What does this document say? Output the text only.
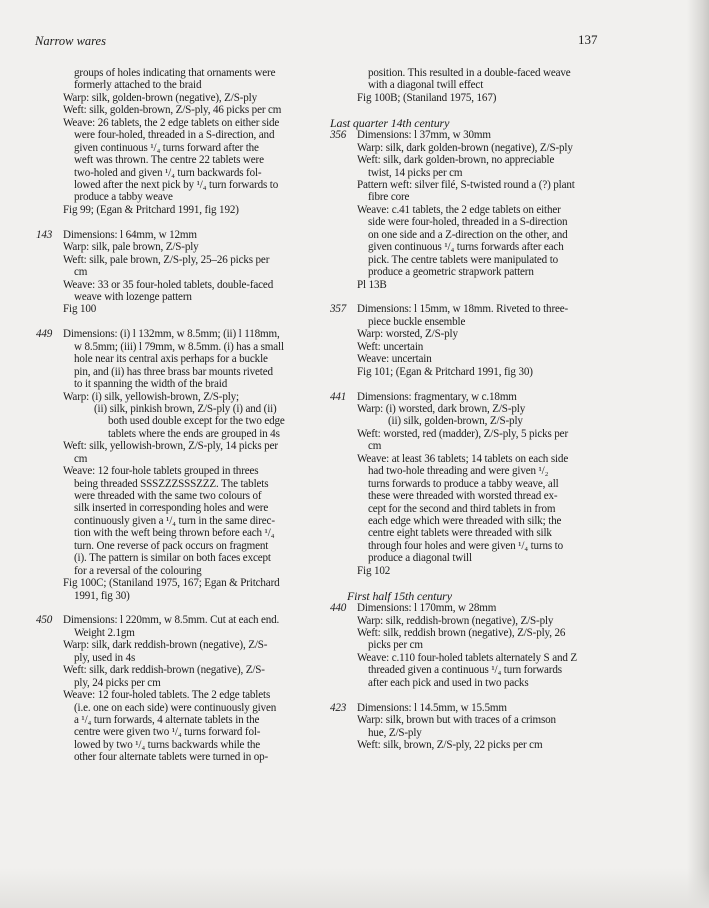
Narrow wares	137
groups of holes indicating that ornaments were
formerly attached to the braid
Warp: silk, golden-brown (negative), Z/S-ply
Weft: silk, golden-brown, Z/S-ply, 46 picks per cm
Weave: 26 tablets, the 2 edge tablets on either side
were four-holed, threaded in a S-direction, and
given continuous ¹/₄ turns forward after the
weft was thrown. The centre 22 tablets were
two-holed and given ¹/₄ turn backwards fol-
lowed after the next pick by ¹/₄ turn forwards to
produce a tabby weave
Fig 99; (Egan & Pritchard 1991, fig 192)
143 Dimensions: l 64mm, w 12mm
Warp: silk, pale brown, Z/S-ply
Weft: silk, pale brown, Z/S-ply, 25–26 picks per
cm
Weave: 33 or 35 four-holed tablets, double-faced
weave with lozenge pattern
Fig 100
449 Dimensions: (i) l 132mm, w 8.5mm; (ii) l 118mm,
w 8.5mm; (iii) l 79mm, w 8.5mm. (i) has a small
hole near its central axis perhaps for a buckle
pin, and (ii) has three brass bar mounts riveted
to it spanning the width of the braid
Warp: (i) silk, yellowish-brown, Z/S-ply;
(ii) silk, pinkish brown, Z/S-ply (i) and (ii)
both used double except for the two edge
tablets where the ends are grouped in 4s
Weft: silk, yellowish-brown, Z/S-ply, 14 picks per
cm
Weave: 12 four-hole tablets grouped in threes
being threaded SSSZZZSSSZZZ. The tablets
were threaded with the same two colours of
silk inserted in corresponding holes and were
continuously given a ¹/₄ turn in the same direc-
tion with the weft being thrown before each ¹/₄
turn. One reverse of pack occurs on fragment
(i). The pattern is similar on both faces except
for a reversal of the colouring
Fig 100C; (Staniland 1975, 167; Egan & Pritchard
1991, fig 30)
450 Dimensions: l 220mm, w 8.5mm. Cut at each end.
Weight 2.1gm
Warp: silk, dark reddish-brown (negative), Z/S-
ply, used in 4s
Weft: silk, dark reddish-brown (negative), Z/S-
ply, 24 picks per cm
Weave: 12 four-holed tablets. The 2 edge tablets
(i.e. one on each side) were continuously given
a ¹/₄ turn forwards, 4 alternate tablets in the
centre were given two ¹/₄ turns forward fol-
lowed by two ¹/₄ turns backwards while the
other four alternate tablets were turned in op-
position. This resulted in a double-faced weave
with a diagonal twill effect
Fig 100B; (Staniland 1975, 167)
Last quarter 14th century
356 Dimensions: l 37mm, w 30mm
Warp: silk, dark golden-brown (negative), Z/S-ply
Weft: silk, dark golden-brown, no appreciable
twist, 14 picks per cm
Pattern weft: silver filé, S-twisted round a (?) plant
fibre core
Weave: c.41 tablets, the 2 edge tablets on either
side were four-holed, threaded in a S-direction
on one side and a Z-direction on the other, and
given continuous ¹/₄ turns forwards after each
pick. The centre tablets were manipulated to
produce a geometric strapwork pattern
Pl 13B
357 Dimensions: l 15mm, w 18mm. Riveted to three-
piece buckle ensemble
Warp: worsted, Z/S-ply
Weft: uncertain
Weave: uncertain
Fig 101; (Egan & Pritchard 1991, fig 30)
441 Dimensions: fragmentary, w c.18mm
Warp: (i) worsted, dark brown, Z/S-ply
(ii) silk, golden-brown, Z/S-ply
Weft: worsted, red (madder), Z/S-ply, 5 picks per
cm
Weave: at least 36 tablets; 14 tablets on each side
had two-hole threading and were given ¹/₂
turns forwards to produce a tabby weave, all
these were threaded with worsted thread ex-
cept for the second and third tablets in from
each edge which were threaded with silk; the
centre eight tablets were threaded with silk
through four holes and were given ¹/₄ turns to
produce a diagonal twill
Fig 102
First half 15th century
440 Dimensions: l 170mm, w 28mm
Warp: silk, reddish-brown (negative), Z/S-ply
Weft: silk, reddish brown (negative), Z/S-ply, 26
picks per cm
Weave: c.110 four-holed tablets alternately S and Z
threaded given a continuous ¹/₄ turn forwards
after each pick and used in two packs
423 Dimensions: l 14.5mm, w 15.5mm
Warp: silk, brown but with traces of a crimson
hue, Z/S-ply
Weft: silk, brown, Z/S-ply, 22 picks per cm
